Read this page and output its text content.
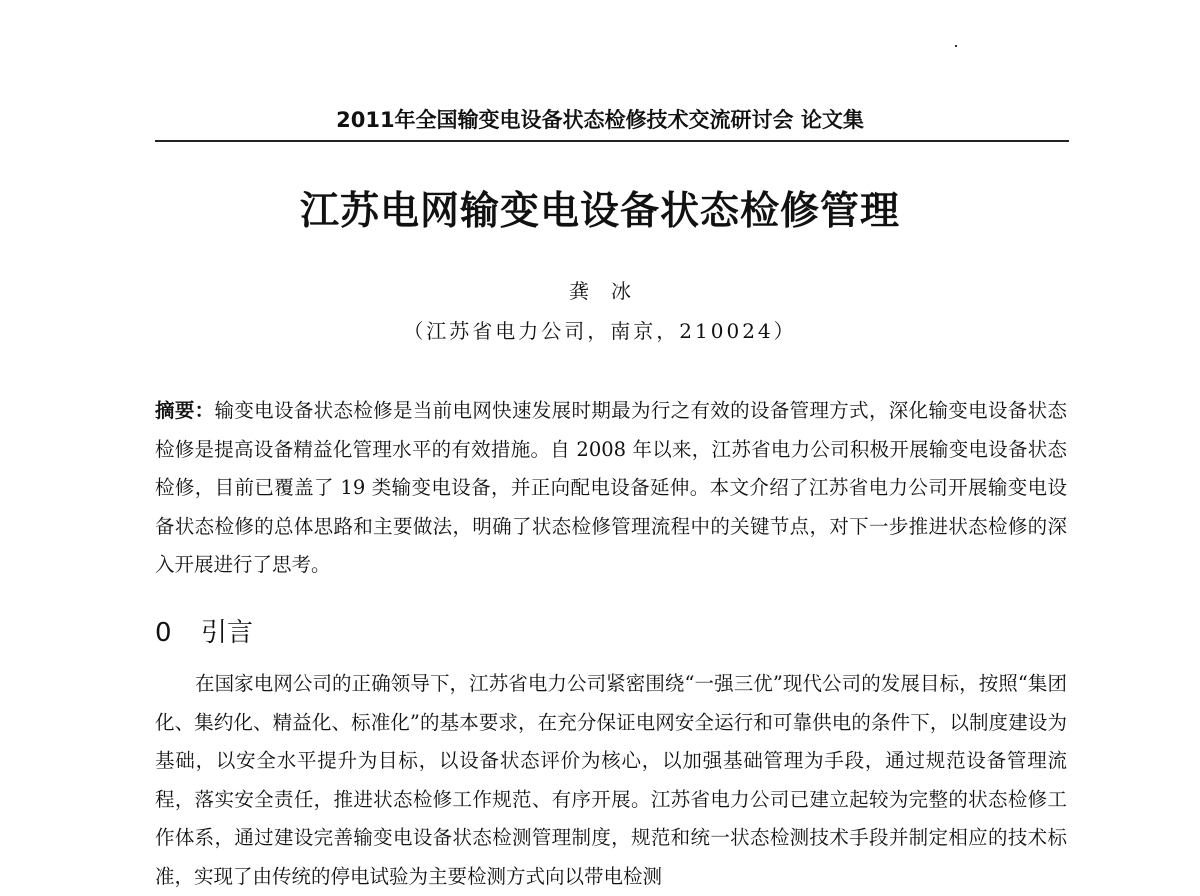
2011年全国输变电设备状态检修技术交流研讨会 论文集
江苏电网输变电设备状态检修管理
龚冰
（江苏省电力公司，南京，210024）
摘要：输变电设备状态检修是当前电网快速发展时期最为行之有效的设备管理方式，深化输变电设备状态检修是提高设备精益化管理水平的有效措施。自 2008 年以来，江苏省电力公司积极开展输变电设备状态检修，目前已覆盖了 19 类输变电设备，并正向配电设备延伸。本文介绍了江苏省电力公司开展输变电设备状态检修的总体思路和主要做法，明确了状态检修管理流程中的关键节点，对下一步推进状态检修的深入开展进行了思考。
0 引言
在国家电网公司的正确领导下，江苏省电力公司紧密围绕“一强三优”现代公司的发展目标，按照“集团化、集约化、精益化、标准化”的基本要求，在充分保证电网安全运行和可靠供电的条件下，以制度建设为基础，以安全水平提升为目标，以设备状态评价为核心，以加强基础管理为手段，通过规范设备管理流程，落实安全责任，推进状态检修工作规范、有序开展。江苏省电力公司已建立起较为完整的状态检修工作体系，通过建设完善输变电设备状态检测管理制度，规范和统一状态检测技术手段并制定相应的技术标准，实现了由传统的停电试验为主要检测方式向以带电检测
